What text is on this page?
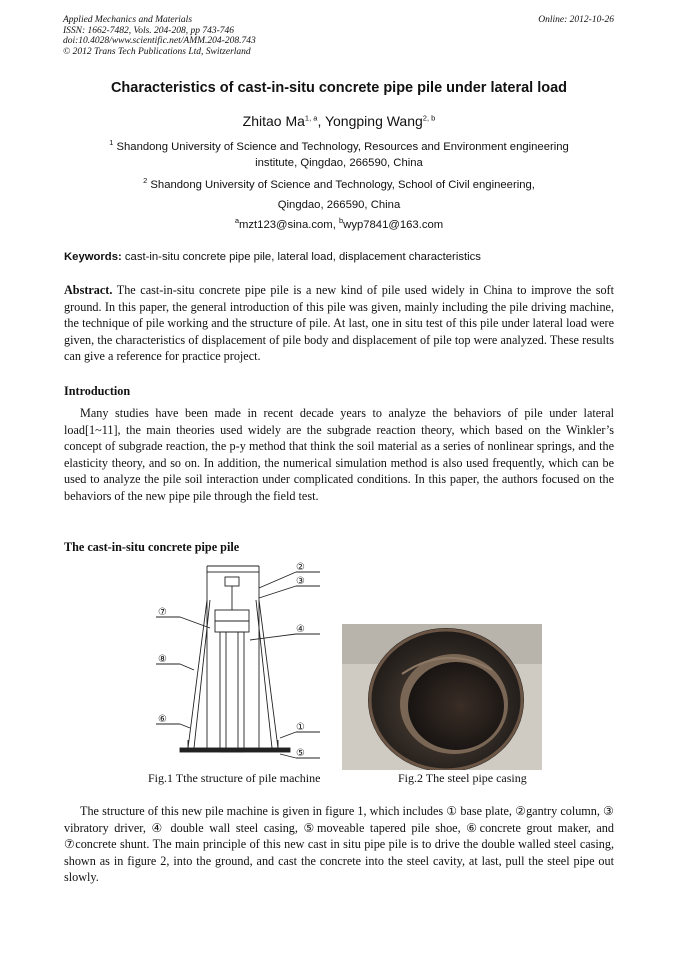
Applied Mechanics and Materials
ISSN: 1662-7482, Vols. 204-208, pp 743-746
doi:10.4028/www.scientific.net/AMM.204-208.743
© 2012 Trans Tech Publications Ltd, Switzerland
Online: 2012-10-26
Characteristics of cast-in-situ concrete pipe pile under lateral load
Zhitao Ma$^{1, a}$, Yongping Wang$^{2, b}$
$^1$ Shandong University of Science and Technology, Resources and Environment engineering
institute, Qingdao, 266590, China
$^2$ Shandong University of Science and Technology, School of Civil engineering,
Qingdao, 266590, China
$^a$mzt123@sina.com, $^b$wyp7841@163.com
Keywords: cast-in-situ concrete pipe pile, lateral load, displacement characteristics
Abstract. The cast-in-situ concrete pipe pile is a new kind of pile used widely in China to improve the soft ground. In this paper, the general introduction of this pile was given, mainly including the pile driving machine, the technique of pile working and the structure of pile. At last, one in situ test of this pile under lateral load were given, the characteristics of displacement of pile body and displacement of pile top were analyzed. These results can give a reference for practice project.
Introduction
Many studies have been made in recent decade years to analyze the behaviors of pile under lateral load[1~11], the main theories used widely are the subgrade reaction theory, which based on the Winkler’s concept of subgrade reaction, the p-y method that think the soil material as a series of nonlinear springs, and the elasticity theory, and so on. In addition, the numerical simulation method is also used frequently, which can be used to analyze the pile soil interaction under complicated conditions. In this paper, the authors focused on the behaviors of the new pipe pile through the field test.
The cast-in-situ concrete pipe pile
②
③
⑦
④
⑧
⑥
①
⑤
Fig.1 Tthe structure of pile machine	Fig.2 The steel pipe casing
The structure of this new pile machine is given in figure 1, which includes ① base plate, ②gantry column, ③ vibratory driver, ④ double wall steel casing, ⑤moveable tapered pile shoe, ⑥concrete grout maker, and ⑦concrete shunt. The main principle of this new cast in situ pipe pile is to drive the double walled steel casing, shown as in figure 2, into the ground, and cast the concrete into the steel cavity, at last, pull the steel pipe out slowly.
